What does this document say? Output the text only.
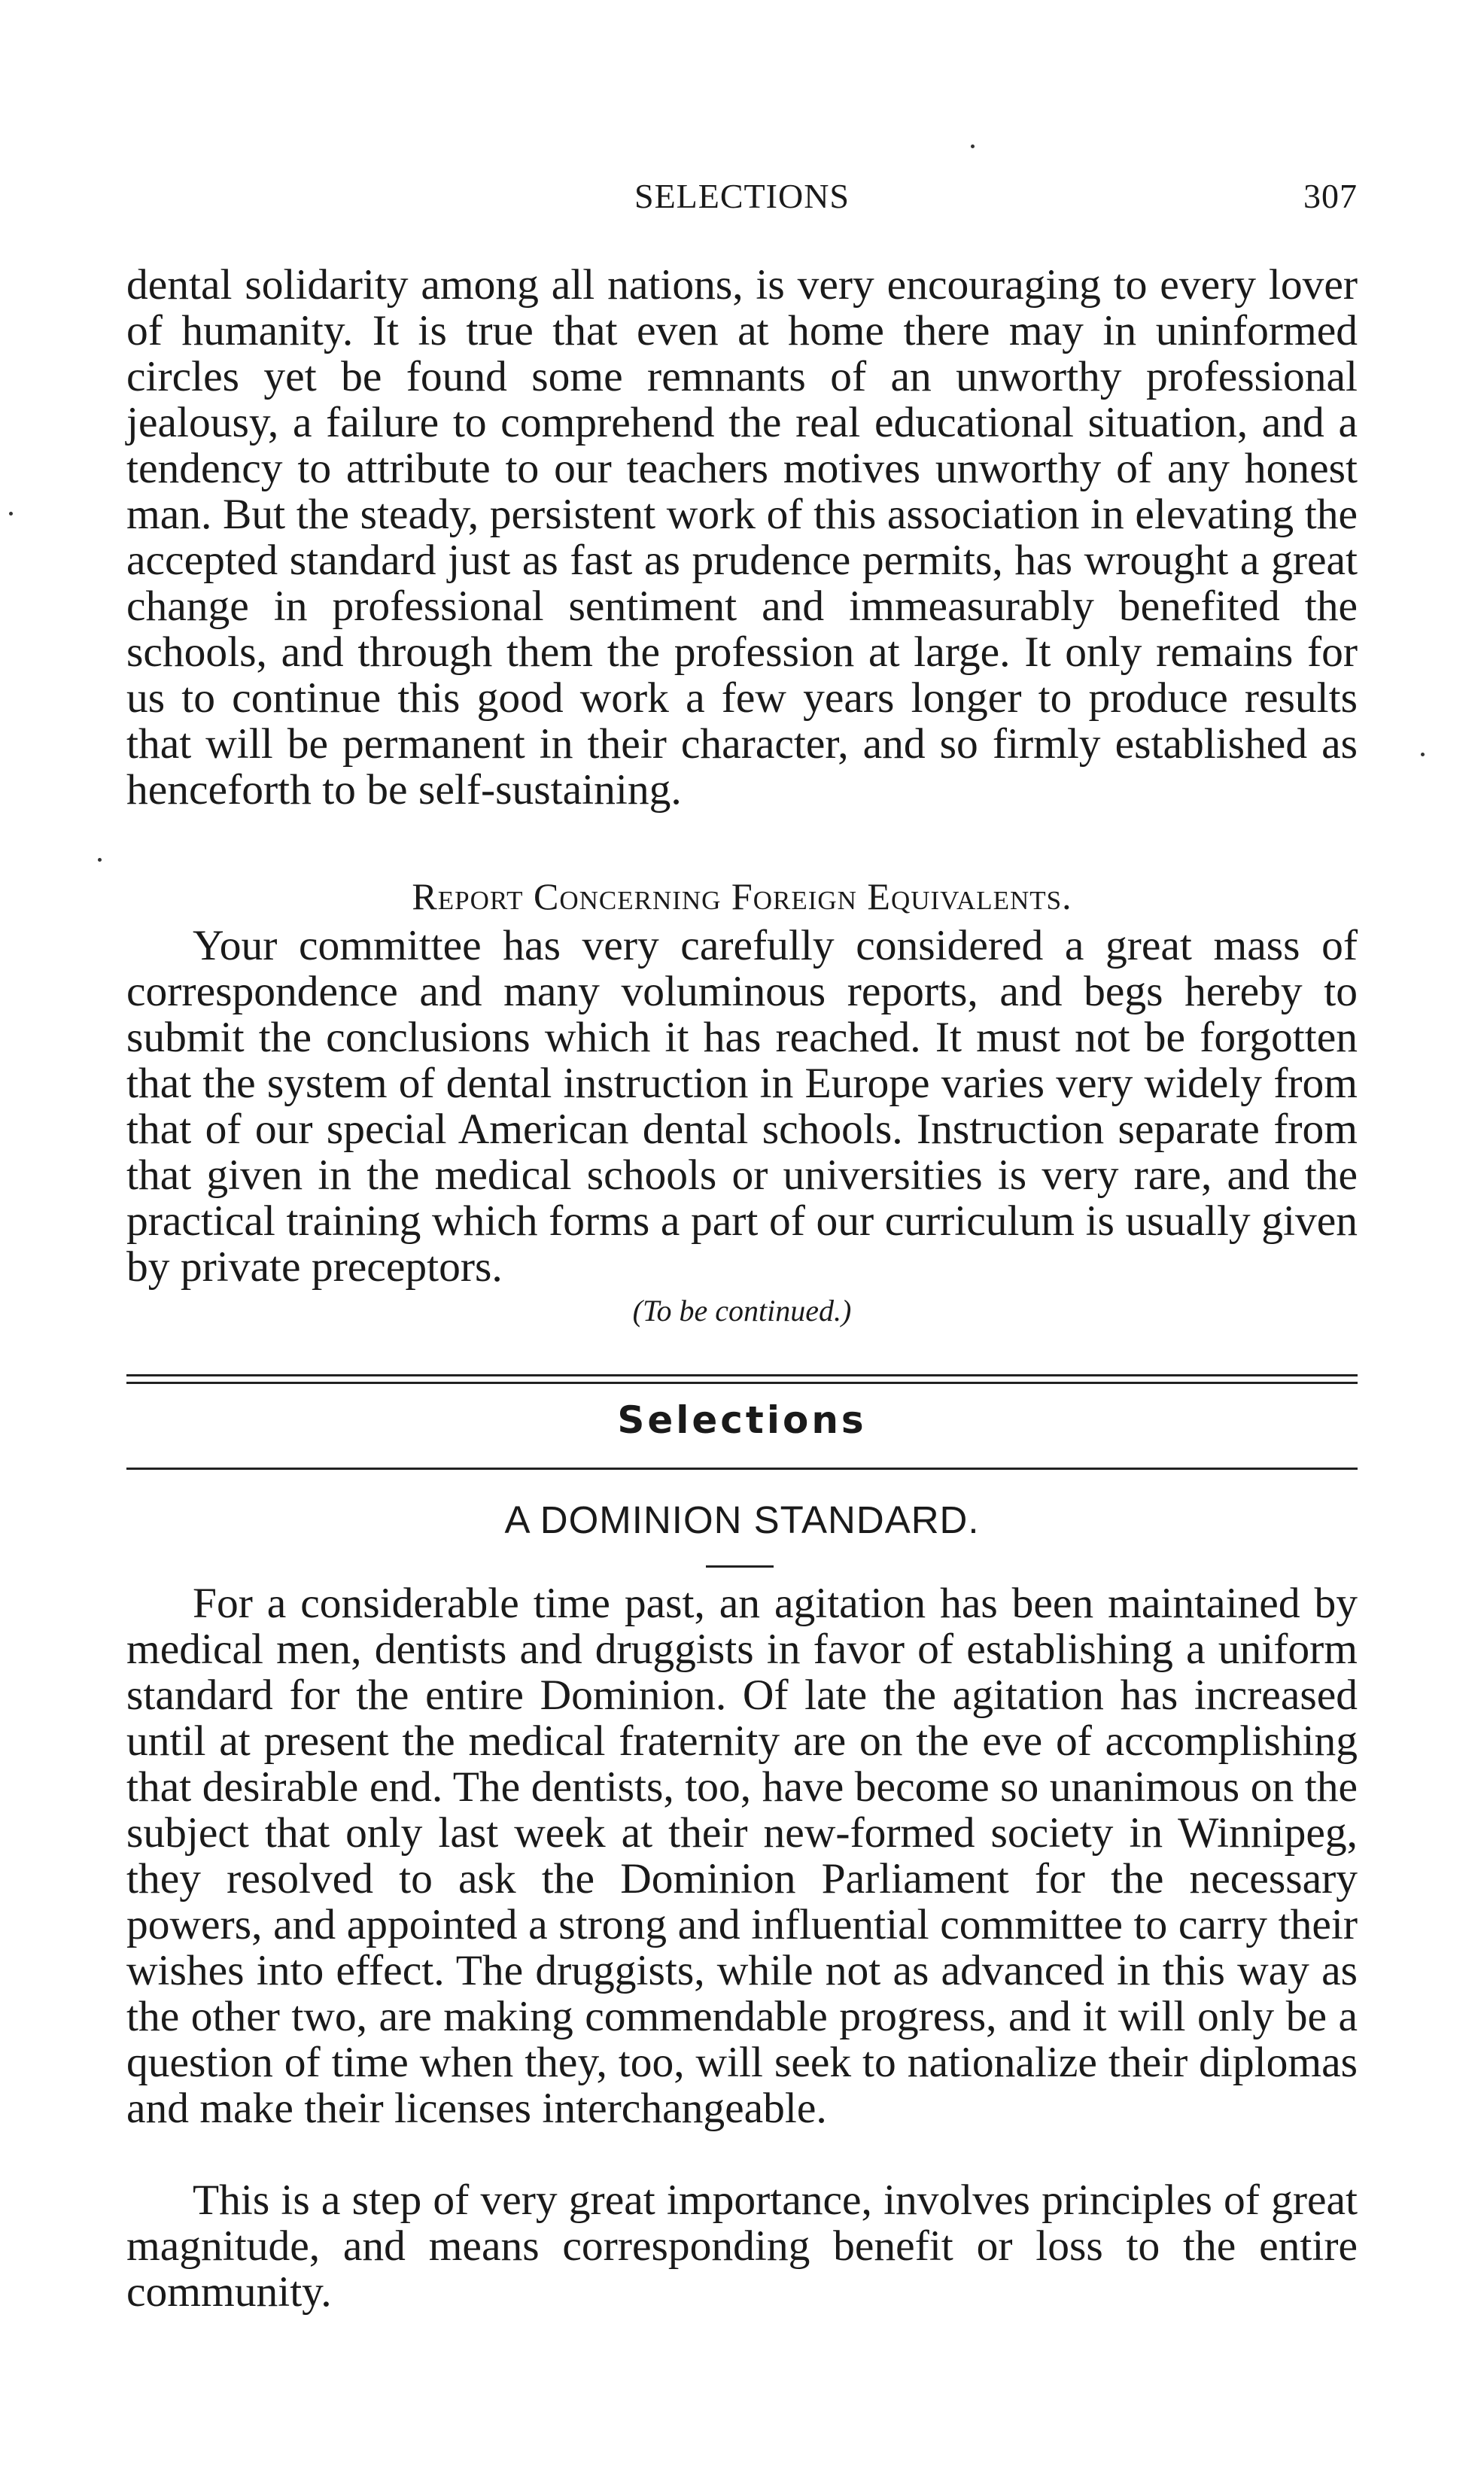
SELECTIONS	307

dental solidarity among all nations, is very encouraging to every lover of humanity. It is true that even at home there may in uninformed circles yet be found some remnants of an unworthy professional jealousy, a failure to comprehend the real educational situation, and a tendency to attribute to our teachers motives unworthy of any honest man. But the steady, persistent work of this association in elevating the accepted standard just as fast as prudence permits, has wrought a great change in professional sentiment and immeasurably benefited the schools, and through them the profession at large. It only remains for us to continue this good work a few years longer to produce results that will be permanent in their character, and so firmly established as henceforth to be self-sustaining.

Report Concerning Foreign Equivalents.

Your committee has very carefully considered a great mass of correspondence and many voluminous reports, and begs hereby to submit the conclusions which it has reached. It must not be forgotten that the system of dental instruction in Europe varies very widely from that of our special American dental schools. Instruction separate from that given in the medical schools or universities is very rare, and the practical training which forms a part of our curriculum is usually given by private preceptors.

(To be continued.)
Selections
A DOMINION STANDARD.

For a considerable time past, an agitation has been maintained by medical men, dentists and druggists in favor of establishing a uniform standard for the entire Dominion. Of late the agitation has increased until at present the medical fraternity are on the eve of accomplishing that desirable end. The dentists, too, have become so unanimous on the subject that only last week at their new-formed society in Winnipeg, they resolved to ask the Dominion Parliament for the necessary powers, and appointed a strong and influential committee to carry their wishes into effect. The druggists, while not as advanced in this way as the other two, are making commendable progress, and it will only be a question of time when they, too, will seek to nationalize their diplomas and make their licenses interchangeable.

This is a step of very great importance, involves principles of great magnitude, and means corresponding benefit or loss to the entire community.
